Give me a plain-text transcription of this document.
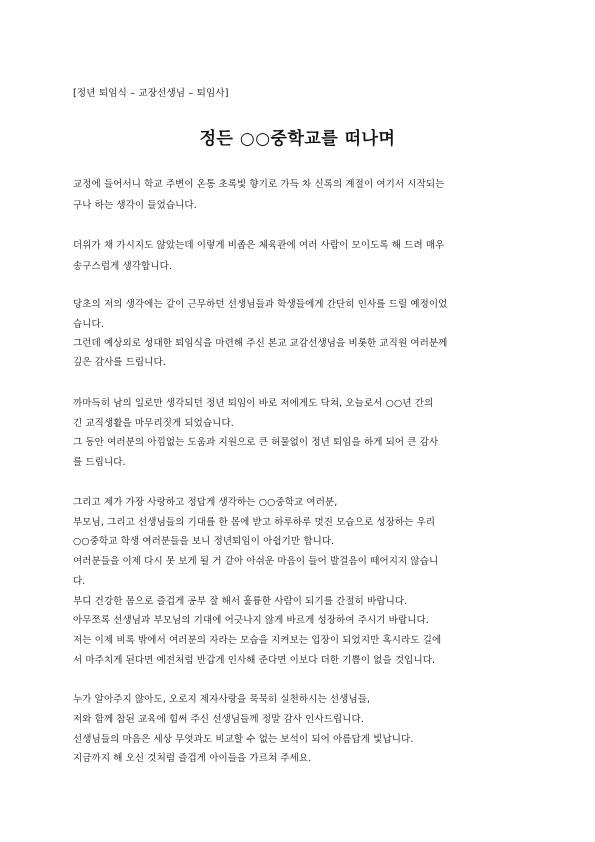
[정년 퇴임식 – 교장선생님 – 퇴임사]
정든 ○○중학교를 떠나며
교정에 들어서니 학교 주변이 온통 초록빛 향기로 가득 차 신록의 계절이 여기서 시작되는
구나 하는 생각이 들었습니다.
더위가 채 가시지도 않았는데 이렇게 비좁은 체육관에 여러 사람이 모이도록 해 드려 매우
송구스럽게 생각합니다.
당초의 저의 생각에는 같이 근무하던 선생님들과 학생들에게 간단히 인사를 드릴 예정이었
습니다.
그런데 예상외로 성대한 퇴임식을 마련해 주신 본교 교감선생님을 비롯한 교직원 여러분께
깊은 감사를 드립니다.
까마득히 남의 일로만 생각되던 정년 퇴임이 바로 저에게도 닥쳐, 오늘로서 ○○년 간의
긴 교직생활을 마무리짓게 되었습니다.
그 동안 여러분의 아낌없는 도움과 지원으로 큰 허물없이 정년 퇴임을 하게 되어 큰 감사
를 드립니다.
그리고 제가 가장 사랑하고 정답게 생각하는 ○○중학교 여러분,
부모님, 그리고 선생님들의 기대를 한 몸에 받고 하루하루 멋진 모습으로 성장하는 우리
○○중학교 학생 여러분들을 보니 정년퇴임이 아쉽기만 합니다.
여러분들을 이제 다시 못 보게 될 거 같아 아쉬운 마음이 들어 발걸음이 떼어지지 않습니
다.
부디 건강한 몸으로 즐겁게 공부 잘 해서 훌륭한 사람이 되기를 간절히 바랍니다.
아무쪼록 선생님과 부모님의 기대에 어긋나지 않게 바르게 성장하여 주시기 바랍니다.
저는 이제 비록 밖에서 여러분의 자라는 모습을 지켜보는 입장이 되었지만 혹시라도 길에
서 마주치게 된다면 예전처럼 반갑게 인사해 준다면 이보다 더한 기쁨이 없을 것입니다.
누가 알아주지 않아도, 오로지 제자사랑을 묵묵히 실천하시는 선생님들,
저와 함께 참된 교육에 힘써 주신 선생님들께 정말 감사 인사드립니다.
선생님들의 마음은 세상 무엇과도 비교할 수 없는 보석이 되어 아름답게 빛납니다.
지금까지 해 오신 것처럼 즐겁게 아이들을 가르쳐 주세요.
